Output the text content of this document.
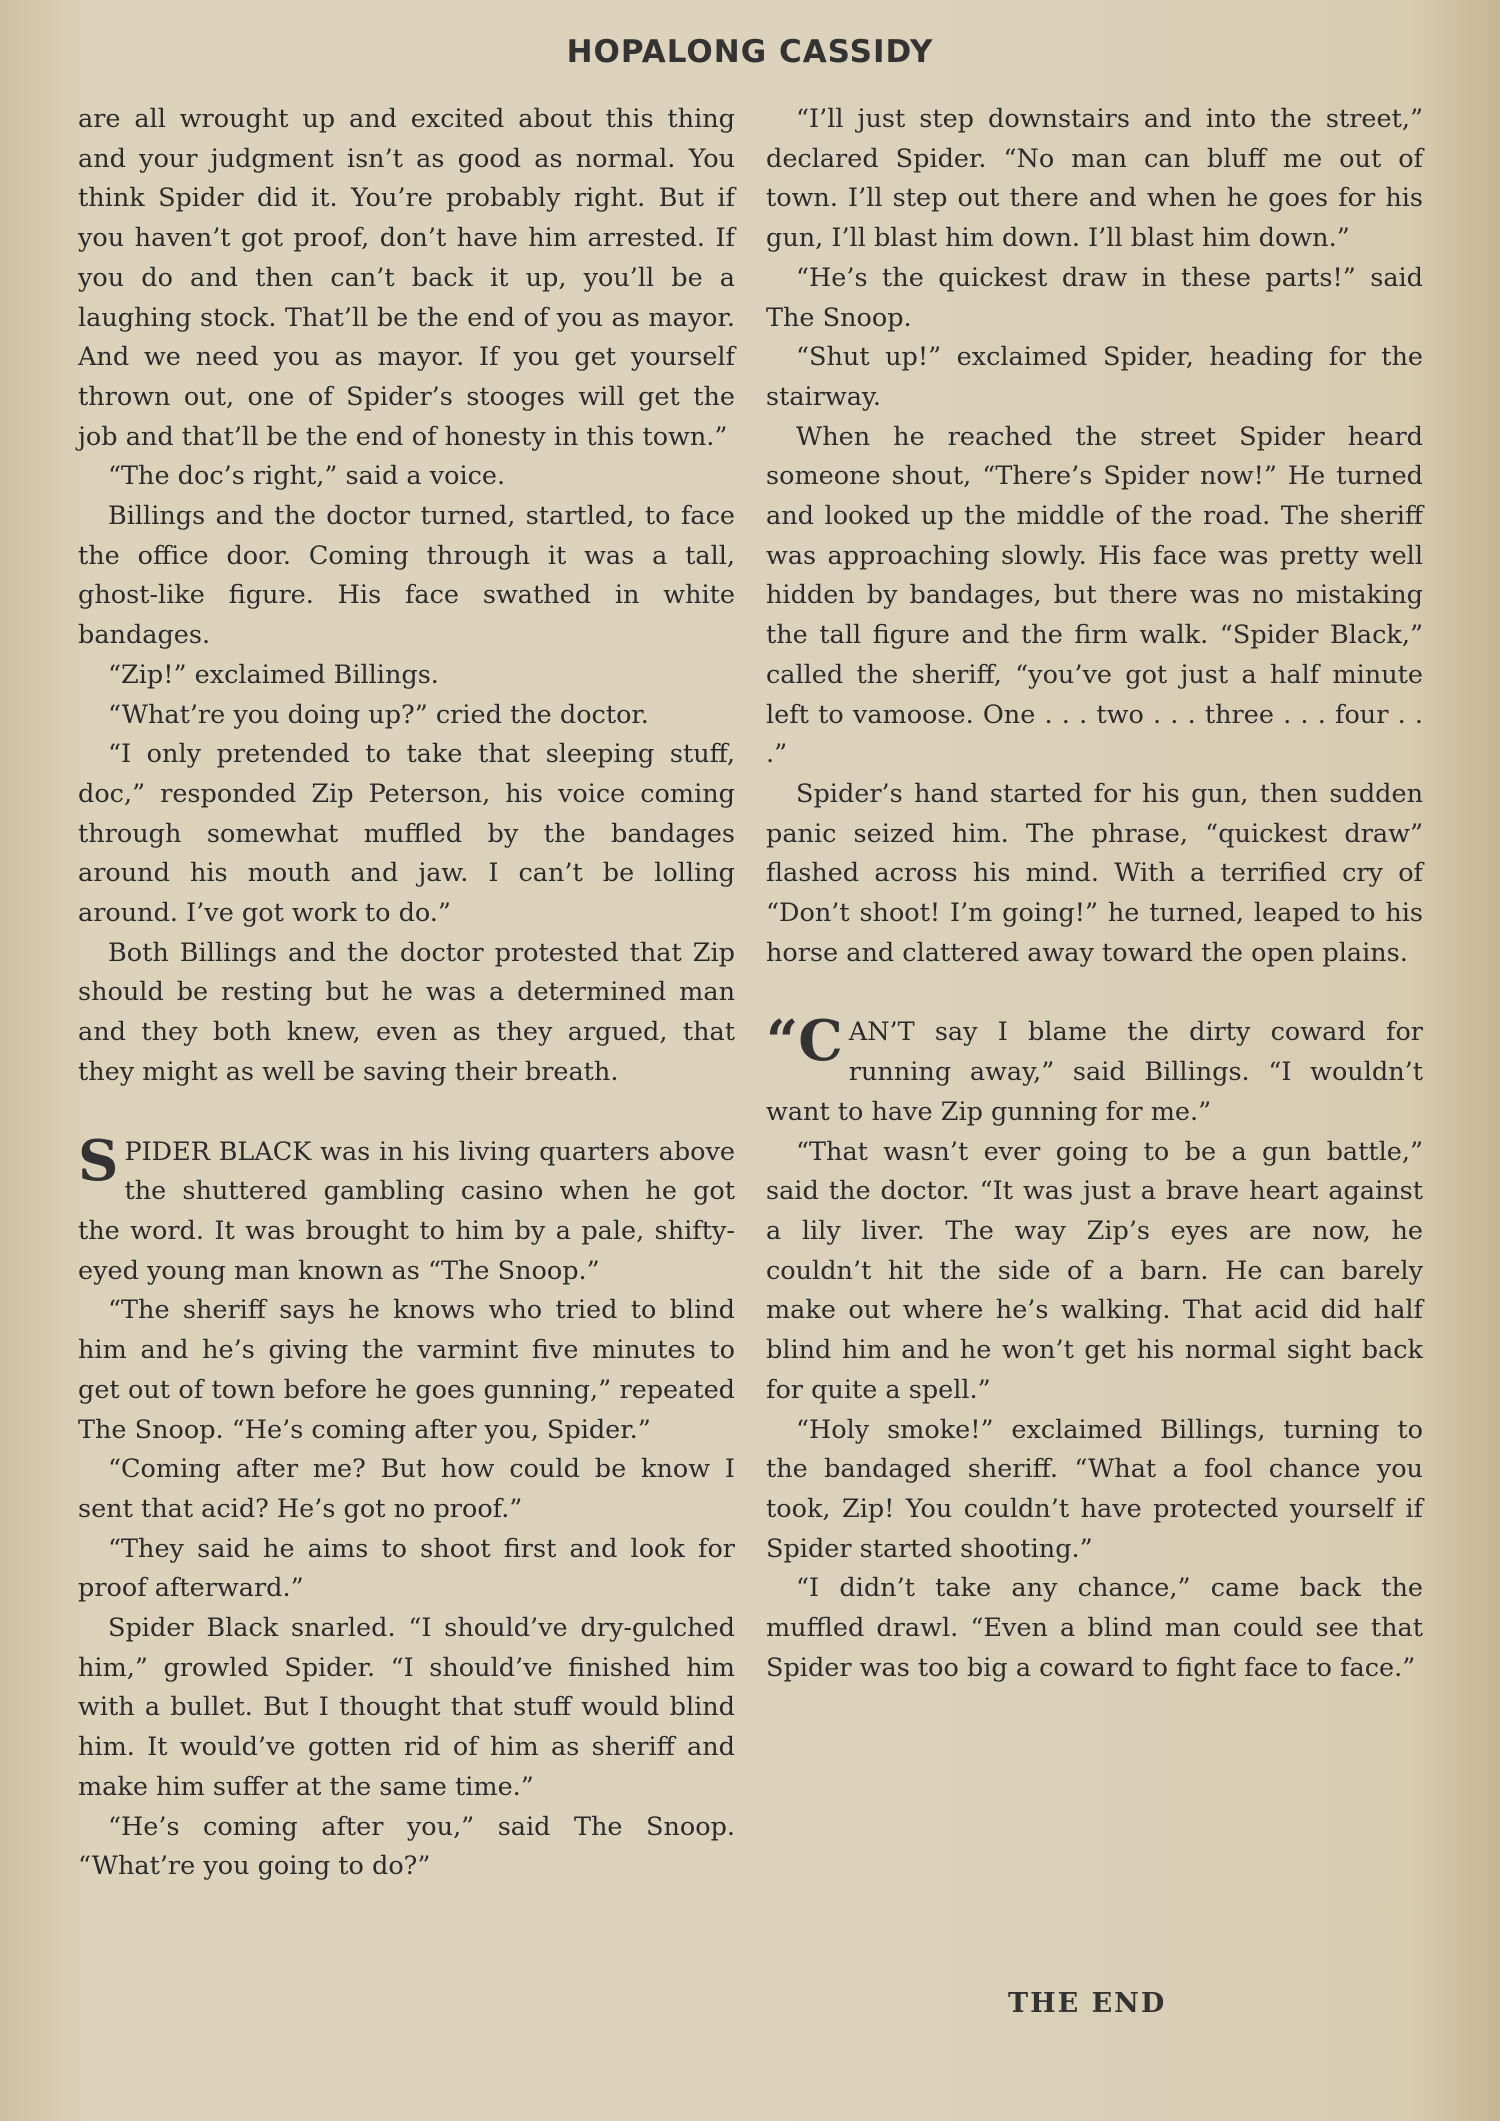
HOPALONG CASSIDY

are all wrought up and excited about this thing and your judgment isn’t as good as normal. You think Spider did it. You’re probably right. But if you haven’t got proof, don’t have him arrested. If you do and then can’t back it up, you’ll be a laughing stock. That’ll be the end of you as mayor. And we need you as mayor. If you get yourself thrown out, one of Spider’s stooges will get the job and that’ll be the end of honesty in this town.”

“The doc’s right,” said a voice.

Billings and the doctor turned, startled, to face the office door. Coming through it was a tall, ghost-like figure. His face swathed in white bandages.

“Zip!” exclaimed Billings.

“What’re you doing up?” cried the doctor.

“I only pretended to take that sleeping stuff, doc,” responded Zip Peterson, his voice coming through somewhat muffled by the bandages around his mouth and jaw. I can’t be lolling around. I’ve got work to do.”

Both Billings and the doctor protested that Zip should be resting but he was a determined man and they both knew, even as they argued, that they might as well be saving their breath.

SPIDER BLACK was in his living quarters above the shuttered gambling casino when he got the word. It was brought to him by a pale, shifty-eyed young man known as “The Snoop.”

“The sheriff says he knows who tried to blind him and he’s giving the varmint five minutes to get out of town before he goes gunning,” repeated The Snoop. “He’s coming after you, Spider.”

“Coming after me? But how could be know I sent that acid? He’s got no proof.”

“They said he aims to shoot first and look for proof afterward.”

Spider Black snarled. “I should’ve dry-gulched him,” growled Spider. “I should’ve finished him with a bullet. But I thought that stuff would blind him. It would’ve gotten rid of him as sheriff and make him suffer at the same time.”

“He’s coming after you,” said The Snoop. “What’re you going to do?”

“I’ll just step downstairs and into the street,” declared Spider. “No man can bluff me out of town. I’ll step out there and when he goes for his gun, I’ll blast him down. I’ll blast him down.”

“He’s the quickest draw in these parts!” said The Snoop.

“Shut up!” exclaimed Spider, heading for the stairway.

When he reached the street Spider heard someone shout, “There’s Spider now!” He turned and looked up the middle of the road. The sheriff was approaching slowly. His face was pretty well hidden by bandages, but there was no mistaking the tall figure and the firm walk. “Spider Black,” called the sheriff, “you’ve got just a half minute left to vamoose. One . . . two . . . three . . . four . . .”

Spider’s hand started for his gun, then sudden panic seized him. The phrase, “quickest draw” flashed across his mind. With a terrified cry of “Don’t shoot! I’m going!” he turned, leaped to his horse and clattered away toward the open plains.

“C AN’T say I blame the dirty coward for running away,” said Billings. “I wouldn’t want to have Zip gunning for me.”

“That wasn’t ever going to be a gun battle,” said the doctor. “It was just a brave heart against a lily liver. The way Zip’s eyes are now, he couldn’t hit the side of a barn. He can barely make out where he’s walking. That acid did half blind him and he won’t get his normal sight back for quite a spell.”

“Holy smoke!” exclaimed Billings, turning to the bandaged sheriff. “What a fool chance you took, Zip! You couldn’t have protected yourself if Spider started shooting.”

“I didn’t take any chance,” came back the muffled drawl. “Even a blind man could see that Spider was too big a coward to fight face to face.”

THE END
